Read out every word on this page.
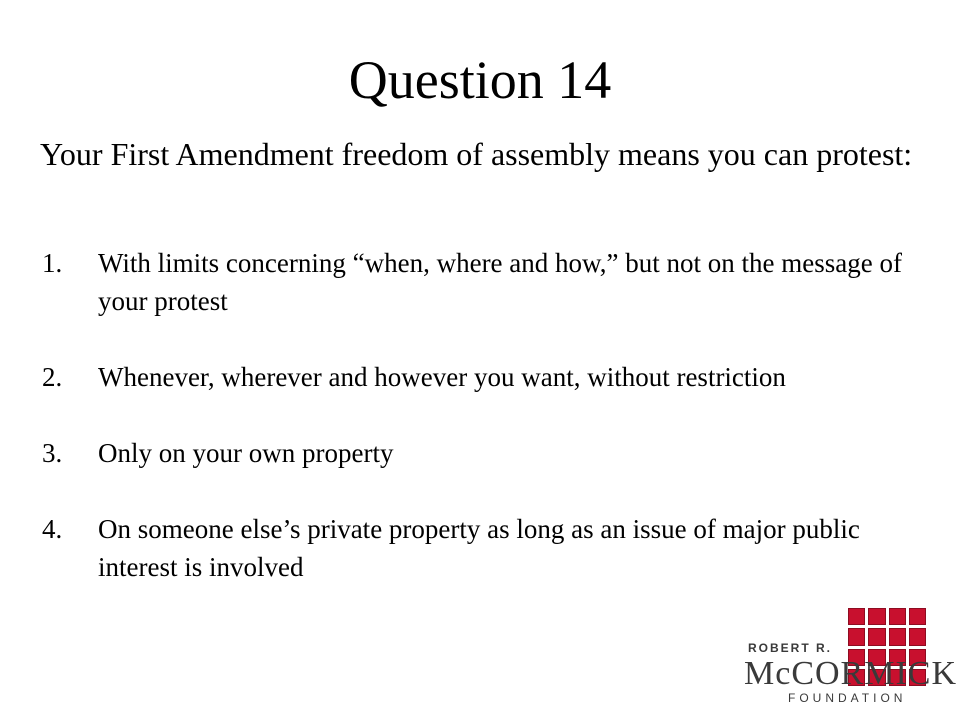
Question 14
Your First Amendment freedom of assembly means you can protest:
1. With limits concerning “when, where and how,” but not on the message of your protest
2. Whenever, wherever and however you want, without restriction
3. Only on your own property
4. On someone else’s private property as long as an issue of major public interest is involved
ROBERT R.
McCORMICK
FOUNDATION
